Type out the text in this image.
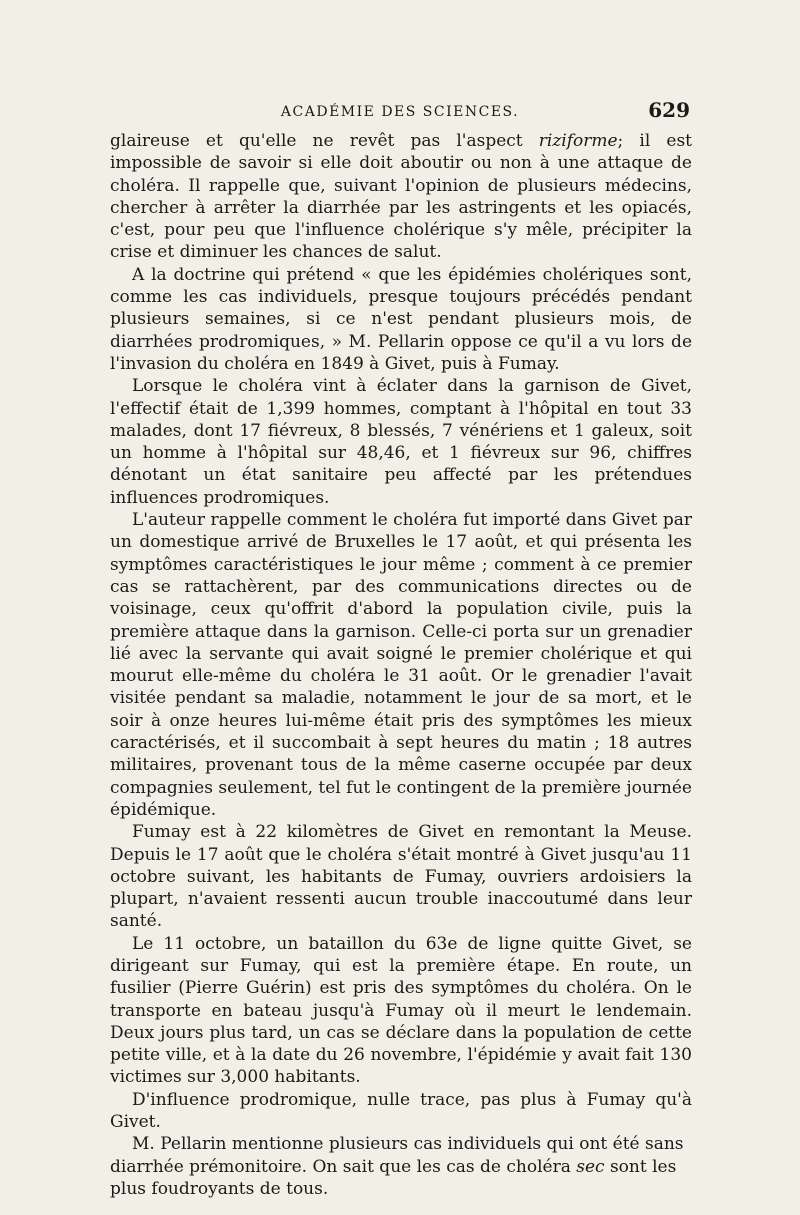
ACADÉMIE DES SCIENCES.	629

glaireuse et qu'elle ne revêt pas l'aspect riziforme; il est impossible de savoir si elle doit aboutir ou non à une attaque de choléra. Il rappelle que, suivant l'opinion de plusieurs médecins, chercher à arrêter la diarrhée par les astringents et les opiacés, c'est, pour peu que l'influence cholérique s'y mêle, précipiter la crise et diminuer les chances de salut.

A la doctrine qui prétend « que les épidémies cholériques sont, comme les cas individuels, presque toujours précédés pendant plusieurs semaines, si ce n'est pendant plusieurs mois, de diarrhées prodromiques, » M. Pellarin oppose ce qu'il a vu lors de l'invasion du choléra en 1849 à Givet, puis à Fumay.

Lorsque le choléra vint à éclater dans la garnison de Givet, l'effectif était de 1,399 hommes, comptant à l'hôpital en tout 33 malades, dont 17 fiévreux, 8 blessés, 7 vénériens et 1 galeux, soit un homme à l'hôpital sur 48,46, et 1 fiévreux sur 96, chiffres dénotant un état sanitaire peu affecté par les prétendues influences prodromiques.

L'auteur rappelle comment le choléra fut importé dans Givet par un domestique arrivé de Bruxelles le 17 août, et qui présenta les symptômes caractéristiques le jour même ; comment à ce premier cas se rattachèrent, par des communications directes ou de voisinage, ceux qu'offrit d'abord la population civile, puis la première attaque dans la garnison. Celle-ci porta sur un grenadier lié avec la servante qui avait soigné le premier cholérique et qui mourut elle-même du choléra le 31 août. Or le grenadier l'avait visitée pendant sa maladie, notamment le jour de sa mort, et le soir à onze heures lui-même était pris des symptômes les mieux caractérisés, et il succombait à sept heures du matin ; 18 autres militaires, provenant tous de la même caserne occupée par deux compagnies seulement, tel fut le contingent de la première journée épidémique.

Fumay est à 22 kilomètres de Givet en remontant la Meuse. Depuis le 17 août que le choléra s'était montré à Givet jusqu'au 11 octobre suivant, les habitants de Fumay, ouvriers ardoisiers la plupart, n'avaient ressenti aucun trouble inaccoutumé dans leur santé.

Le 11 octobre, un bataillon du 63e de ligne quitte Givet, se dirigeant sur Fumay, qui est la première étape. En route, un fusilier (Pierre Guérin) est pris des symptômes du choléra. On le transporte en bateau jusqu'à Fumay où il meurt le lendemain. Deux jours plus tard, un cas se déclare dans la population de cette petite ville, et à la date du 26 novembre, l'épidémie y avait fait 130 victimes sur 3,000 habitants.

D'influence prodromique, nulle trace, pas plus à Fumay qu'à Givet.

M. Pellarin mentionne plusieurs cas individuels qui ont été sans diarrhée prémonitoire. On sait que les cas de choléra sec sont les plus foudroyants de tous.
